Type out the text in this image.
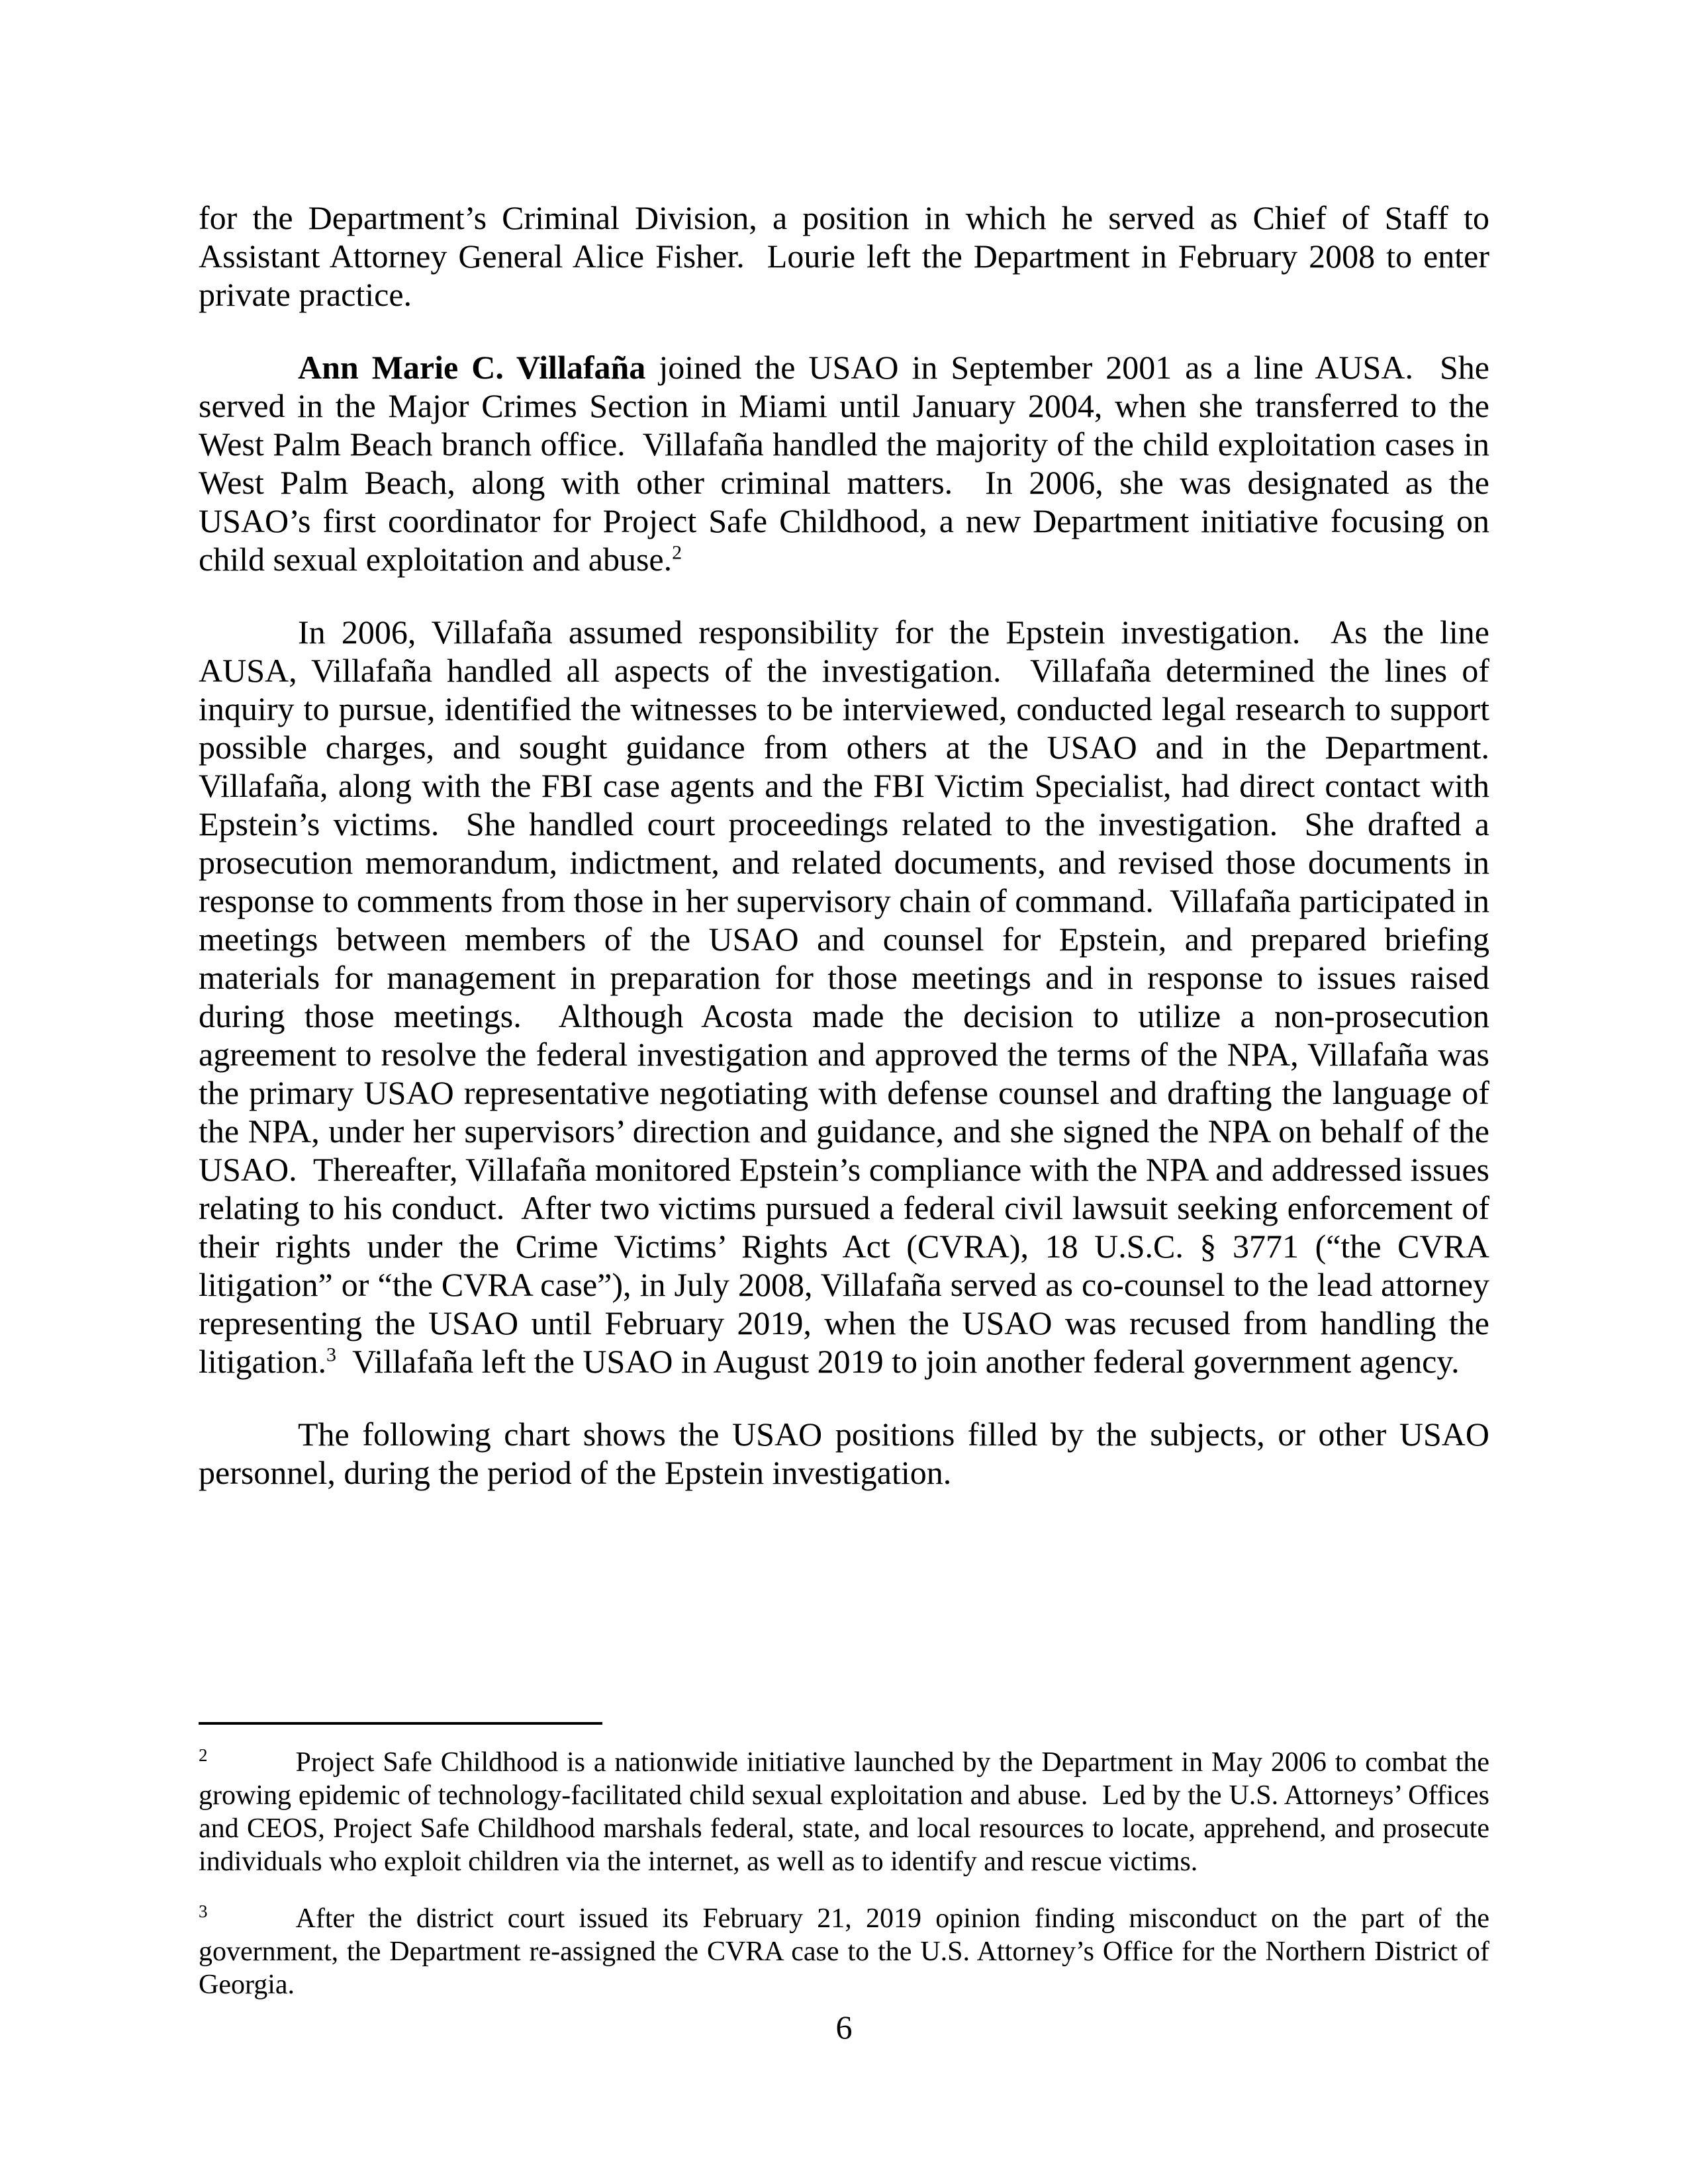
for the Department’s Criminal Division, a position in which he served as Chief of Staff to Assistant Attorney General Alice Fisher.  Lourie left the Department in February 2008 to enter private practice.

Ann Marie C. Villafaña joined the USAO in September 2001 as a line AUSA.  She served in the Major Crimes Section in Miami until January 2004, when she transferred to the West Palm Beach branch office.  Villafaña handled the majority of the child exploitation cases in West Palm Beach, along with other criminal matters.  In 2006, she was designated as the USAO’s first coordinator for Project Safe Childhood, a new Department initiative focusing on child sexual exploitation and abuse.$^2$

In 2006, Villafaña assumed responsibility for the Epstein investigation.  As the line AUSA, Villafaña handled all aspects of the investigation.  Villafaña determined the lines of inquiry to pursue, identified the witnesses to be interviewed, conducted legal research to support possible charges, and sought guidance from others at the USAO and in the Department.  Villafaña, along with the FBI case agents and the FBI Victim Specialist, had direct contact with Epstein’s victims.  She handled court proceedings related to the investigation.  She drafted a prosecution memorandum, indictment, and related documents, and revised those documents in response to comments from those in her supervisory chain of command.  Villafaña participated in meetings between members of the USAO and counsel for Epstein, and prepared briefing materials for management in preparation for those meetings and in response to issues raised during those meetings.  Although Acosta made the decision to utilize a non-prosecution agreement to resolve the federal investigation and approved the terms of the NPA, Villafaña was the primary USAO representative negotiating with defense counsel and drafting the language of the NPA, under her supervisors’ direction and guidance, and she signed the NPA on behalf of the USAO.  Thereafter, Villafaña monitored Epstein’s compliance with the NPA and addressed issues relating to his conduct.  After two victims pursued a federal civil lawsuit seeking enforcement of their rights under the Crime Victims’ Rights Act (CVRA), 18 U.S.C. § 3771 (“the CVRA litigation” or “the CVRA case”), in July 2008, Villafaña served as co-counsel to the lead attorney representing the USAO until February 2019, when the USAO was recused from handling the litigation.$^3$  Villafaña left the USAO in August 2019 to join another federal government agency.

The following chart shows the USAO positions filled by the subjects, or other USAO personnel, during the period of the Epstein investigation.

$^2$	Project Safe Childhood is a nationwide initiative launched by the Department in May 2006 to combat the growing epidemic of technology-facilitated child sexual exploitation and abuse.  Led by the U.S. Attorneys’ Offices and CEOS, Project Safe Childhood marshals federal, state, and local resources to locate, apprehend, and prosecute individuals who exploit children via the internet, as well as to identify and rescue victims.

$^3$	After the district court issued its February 21, 2019 opinion finding misconduct on the part of the government, the Department re-assigned the CVRA case to the U.S. Attorney’s Office for the Northern District of Georgia.

6
